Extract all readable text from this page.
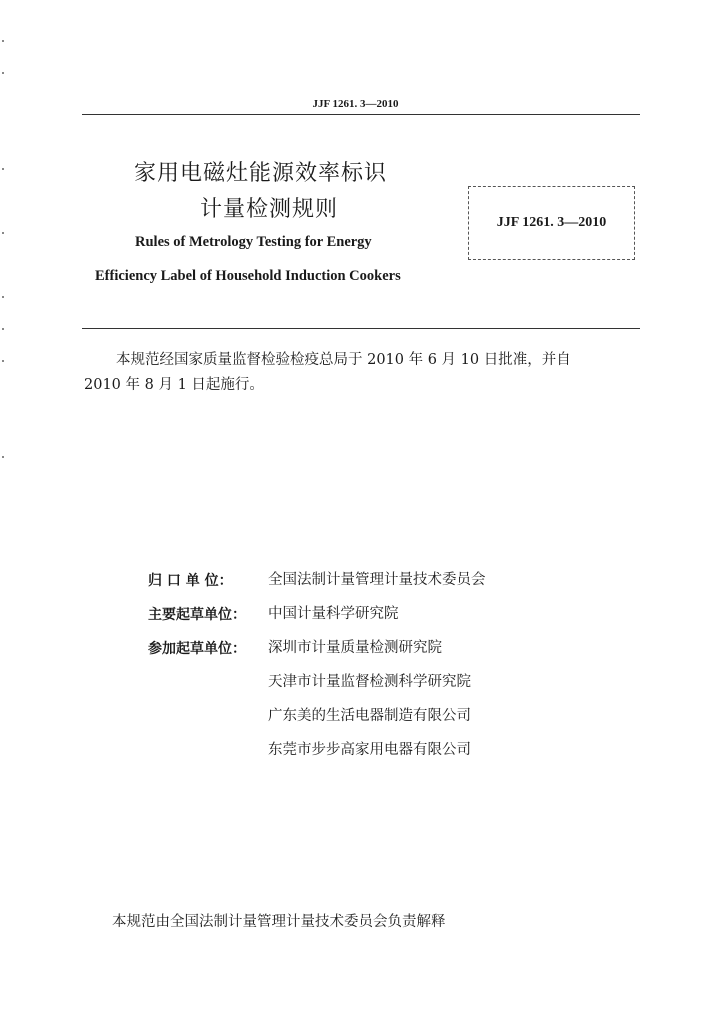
JJF 1261. 3—2010
家用电磁灶能源效率标识
计量检测规则
Rules of Metrology Testing for Energy
Efficiency Label of Household Induction Cookers
JJF 1261. 3—2010
本规范经国家质量监督检验检疫总局于 2010 年 6 月 10 日批准，并自
2010 年 8 月 1 日起施行。
归 口 单 位： 全国法制计量管理计量技术委员会
主要起草单位： 中国计量科学研究院
参加起草单位： 深圳市计量质量检测研究院
天津市计量监督检测科学研究院
广东美的生活电器制造有限公司
东莞市步步高家用电器有限公司
本规范由全国法制计量管理计量技术委员会负责解释
